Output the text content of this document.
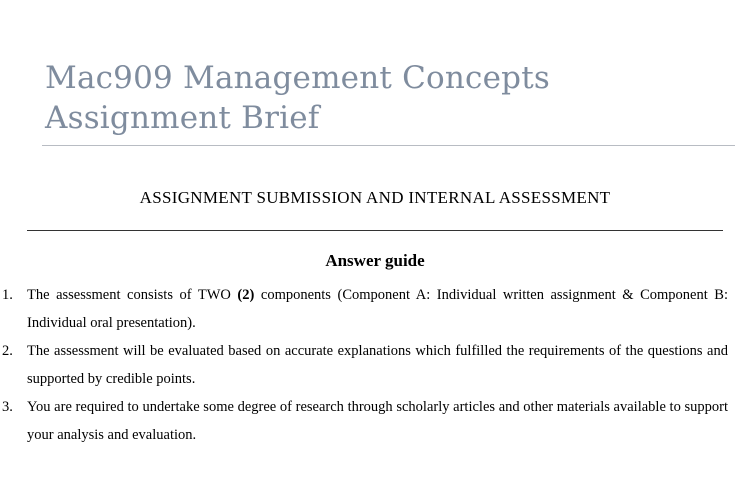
Mac909 Management Concepts Assignment Brief
ASSIGNMENT SUBMISSION AND INTERNAL ASSESSMENT
Answer guide
1. The assessment consists of TWO (2) components (Component A: Individual written assignment & Component B: Individual oral presentation).
2. The assessment will be evaluated based on accurate explanations which fulfilled the requirements of the questions and supported by credible points.
3. You are required to undertake some degree of research through scholarly articles and other materials available to support your analysis and evaluation.
